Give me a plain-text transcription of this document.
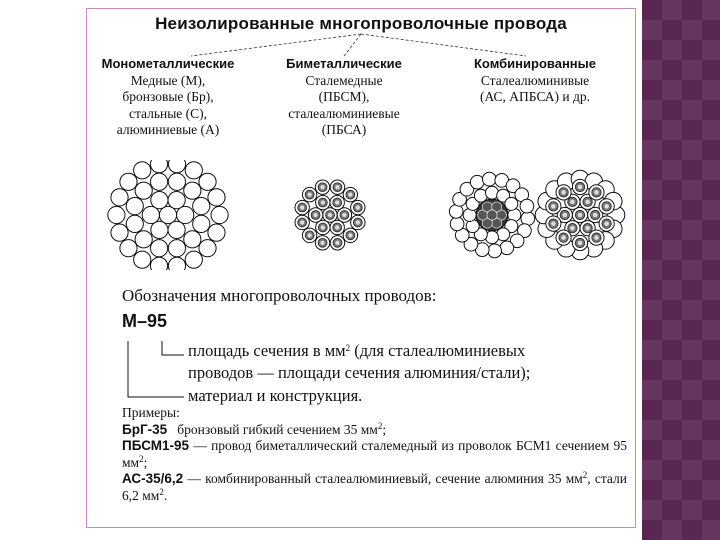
Неизолированные многопроволочные провода
Монометаллические
Медные (М),
бронзовые (Бр),
стальные (С),
алюминиевые (А)
Биметаллические
Сталемедные
(ПБСМ),
сталеалюминиевые
(ПБСА)
Комбинированные
Сталеалюминивые
(АС, АПБСА) и др.
Обозначения многопроволочных проводов:
М–95
площадь сечения в $мм^2$ (для сталеалюминиевых
проводов — площади сечения алюминия/стали);
материал и конструкция.
Примеры:
БрГ-35   бронзовый гибкий сечением 35 $мм^2$;
ПБСМ1-95 — провод биметаллический сталемедный из проволок БСМ1 сечением 95 $мм^2$;
АС-35/6,2 — комбинированный сталеалюминиевый, сечение алюминия 35 $мм^2$, стали 6,2 $мм^2$.
